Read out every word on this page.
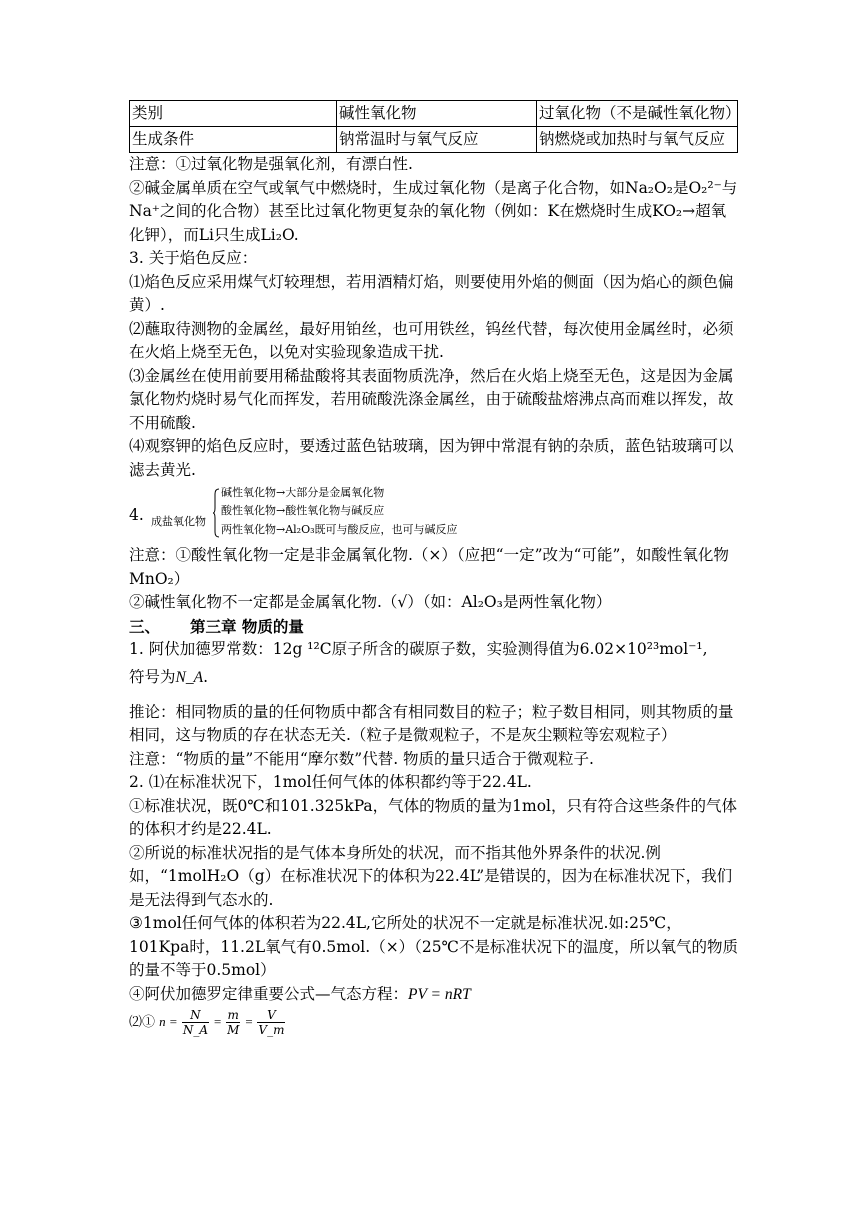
类别	碱性氧化物	过氧化物（不是碱性氧化物）
生成条件	钠常温时与氧气反应	钠燃烧或加热时与氧气反应

注意：①过氧化物是强氧化剂，有漂白性.

②碱金属单质在空气或氧气中燃烧时，生成过氧化物（是离子化合物，如Na₂O₂是O₂²⁻与Na⁺之间的化合物）甚至比过氧化物更复杂的氧化物（例如：K在燃烧时生成KO₂→超氧化钾），而Li只生成Li₂O.

3. 关于焰色反应：

⑴焰色反应采用煤气灯较理想，若用酒精灯焰，则要使用外焰的侧面（因为焰心的颜色偏黄）.

⑵蘸取待测物的金属丝，最好用铂丝，也可用铁丝，钨丝代替，每次使用金属丝时，必须在火焰上烧至无色，以免对实验现象造成干扰.

⑶金属丝在使用前要用稀盐酸将其表面物质洗净，然后在火焰上烧至无色，这是因为金属氯化物灼烧时易气化而挥发，若用硫酸洗涤金属丝，由于硫酸盐熔沸点高而难以挥发，故不用硫酸.

⑷观察钾的焰色反应时，要透过蓝色钴玻璃，因为钾中常混有钠的杂质，蓝色钴玻璃可以滤去黄光.

4. 成盐氧化物
碱性氧化物→大部分是金属氧化物
酸性氧化物→酸性氧化物与碱反应
两性氧化物→Al₂O₃既可与酸反应，也可与碱反应

注意：①酸性氧化物一定是非金属氧化物.（×）（应把“一定”改为“可能”，如酸性氧化物MnO₂）

②碱性氧化物不一定都是金属氧化物.（√）（如：Al₂O₃是两性氧化物）

三、 第三章 物质的量

1. 阿伏加德罗常数：12g ¹²C原子所含的碳原子数，实验测得值为6.02×10²³mol⁻¹,

符号为N_A.

推论：相同物质的量的任何物质中都含有相同数目的粒子；粒子数目相同，则其物质的量相同，这与物质的存在状态无关.（粒子是微观粒子，不是灰尘颗粒等宏观粒子）

注意：“物质的量”不能用“摩尔数”代替. 物质的量只适合于微观粒子.

2. ⑴在标准状况下，1mol任何气体的体积都约等于22.4L.

①标准状况，既0℃和101.325kPa，气体的物质的量为1mol，只有符合这些条件的气体的体积才约是22.4L.

②所说的标准状况指的是气体本身所处的状况，而不指其他外界条件的状况.例如，“1molH₂O（g）在标准状况下的体积为22.4L”是错误的，因为在标准状况下，我们是无法得到气态水的.

③1mol任何气体的体积若为22.4L,它所处的状况不一定就是标准状况.如:25℃，101Kpa时，11.2L氧气有0.5mol.（×）（25℃不是标准状况下的温度，所以氧气的物质的量不等于0.5mol）

④阿伏加德罗定律重要公式—气态方程：PV = nRT

⑵① $n = \frac{N}{N\_A} = \frac{m}{M} = \frac{V}{V\_m}$
